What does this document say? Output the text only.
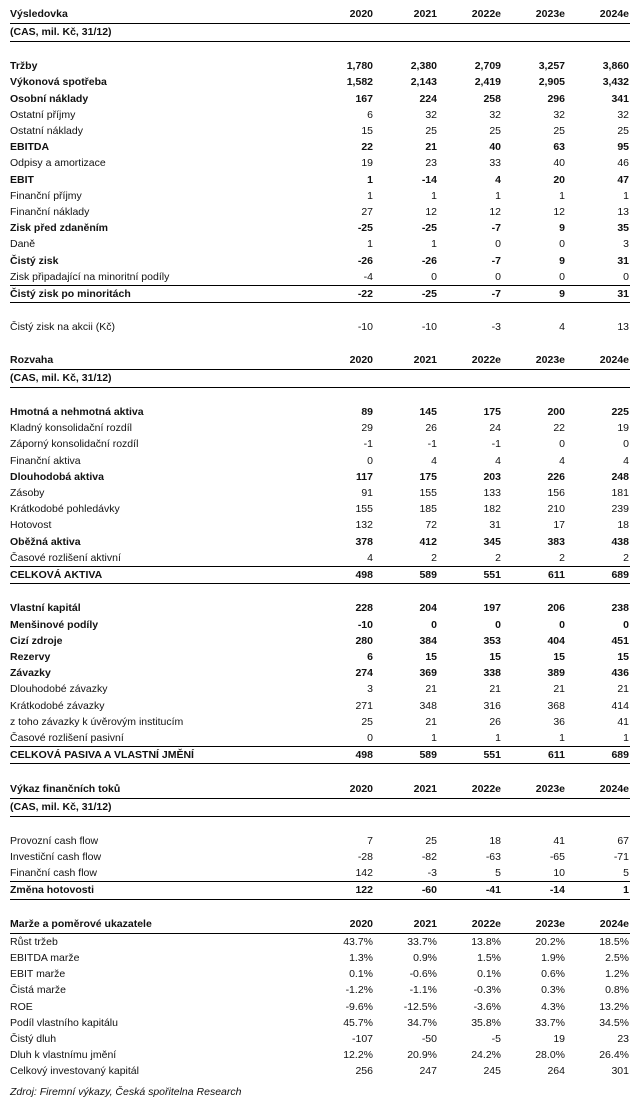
Výsledovka	2020	2021	2022e	2023e	2024e
(CAS, mil. Kč, 31/12)					

Tržby	1,780	2,380	2,709	3,257	3,860
Výkonová spotřeba	1,582	2,143	2,419	2,905	3,432
Osobní náklady	167	224	258	296	341
Ostatní příjmy	6	32	32	32	32
Ostatní náklady	15	25	25	25	25
EBITDA	22	21	40	63	95
Odpisy a amortizace	19	23	33	40	46
EBIT	1	-14	4	20	47
Finanční příjmy	1	1	1	1	1
Finanční náklady	27	12	12	12	13
Zisk před zdaněním	-25	-25	-7	9	35
Daně	1	1	0	0	3
Čistý zisk	-26	-26	-7	9	31
Zisk připadající na minoritní podíly	-4	0	0	0	0
Čistý zisk po minoritách	-22	-25	-7	9	31

Čistý zisk na akcii (Kč)	-10	-10	-3	4	13

Rozvaha	2020	2021	2022e	2023e	2024e
(CAS, mil. Kč, 31/12)					

Hmotná a nehmotná aktiva	89	145	175	200	225
Kladný konsolidační rozdíl	29	26	24	22	19
Záporný konsolidační rozdíl	-1	-1	-1	0	0
Finanční aktiva	0	4	4	4	4
Dlouhodobá aktiva	117	175	203	226	248
Zásoby	91	155	133	156	181
Krátkodobé pohledávky	155	185	182	210	239
Hotovost	132	72	31	17	18
Oběžná aktiva	378	412	345	383	438
Časové rozlišení aktivní	4	2	2	2	2
CELKOVÁ AKTIVA	498	589	551	611	689

Vlastní kapitál	228	204	197	206	238
Menšinové podíly	-10	0	0	0	0
Cizí zdroje	280	384	353	404	451
Rezervy	6	15	15	15	15
Závazky	274	369	338	389	436
Dlouhodobé závazky	3	21	21	21	21
Krátkodobé závazky	271	348	316	368	414
z toho závazky k úvěrovým institucím	25	21	26	36	41
Časové rozlišení pasivní	0	1	1	1	1
CELKOVÁ PASIVA A VLASTNÍ JMĚNÍ	498	589	551	611	689

Výkaz finančních toků	2020	2021	2022e	2023e	2024e
(CAS, mil. Kč, 31/12)					

Provozní cash flow	7	25	18	41	67
Investiční cash flow	-28	-82	-63	-65	-71
Finanční cash flow	142	-3	5	10	5
Změna hotovosti	122	-60	-41	-14	1

Marže a poměrové ukazatele	2020	2021	2022e	2023e	2024e
Růst tržeb	43.7%	33.7%	13.8%	20.2%	18.5%
EBITDA marže	1.3%	0.9%	1.5%	1.9%	2.5%
EBIT marže	0.1%	-0.6%	0.1%	0.6%	1.2%
Čistá marže	-1.2%	-1.1%	-0.3%	0.3%	0.8%
ROE	-9.6%	-12.5%	-3.6%	4.3%	13.2%
Podíl vlastního kapitálu	45.7%	34.7%	35.8%	33.7%	34.5%
Čistý dluh	-107	-50	-5	19	23
Dluh k vlastnímu jmění	12.2%	20.9%	24.2%	28.0%	26.4%
Celkový investovaný kapitál	256	247	245	264	301
Zdroj: Firemní výkazy, Česká spořitelna Research
